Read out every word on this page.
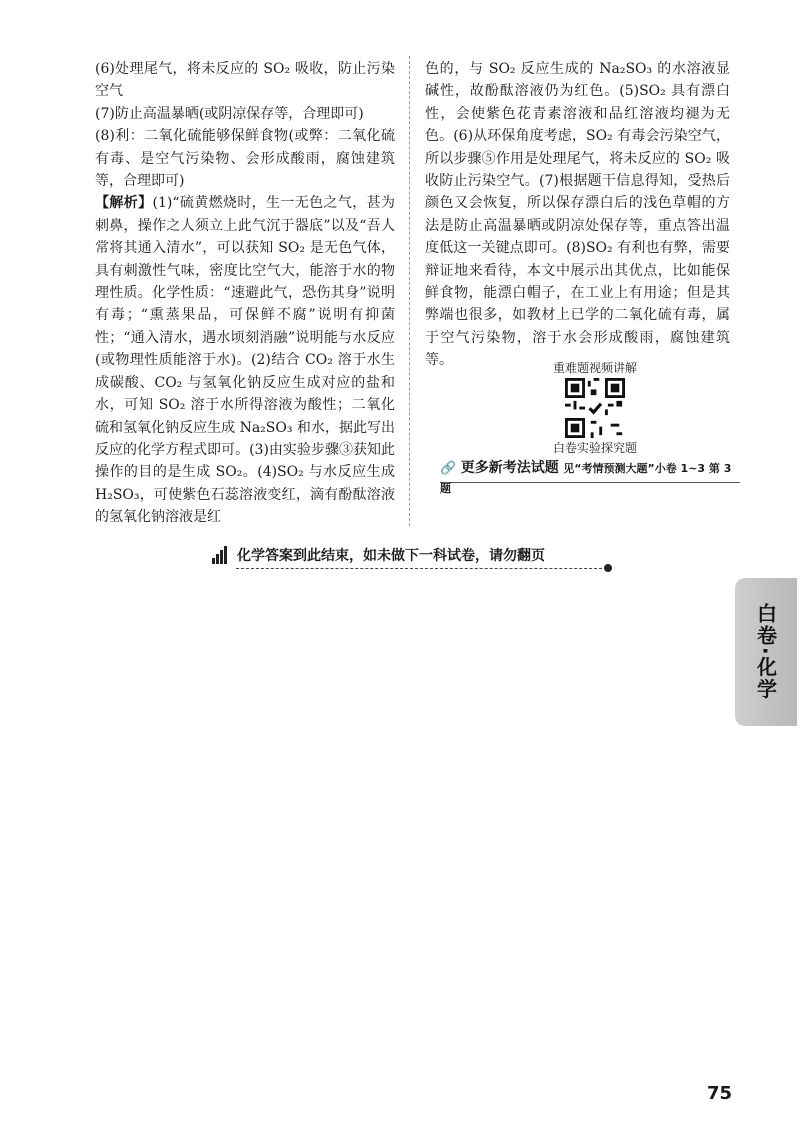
(6)处理尾气，将未反应的 SO₂ 吸收，防止污染空气

(7)防止高温暴晒(或阴凉保存等，合理即可)

(8)利：二氧化硫能够保鲜食物(或弊：二氧化硫有毒、是空气污染物、会形成酸雨，腐蚀建筑等，合理即可)

【解析】(1)“硫黄燃烧时，生一无色之气，甚为刺鼻，操作之人须立上此气沉于器底”以及“吾人常将其通入清水”，可以获知 SO₂ 是无色气体，具有刺激性气味，密度比空气大，能溶于水的物理性质。化学性质：“速避此气，恐伤其身”说明有毒；“熏蒸果品，可保鲜不腐”说明有抑菌性；“通入清水，遇水顷刻消融”说明能与水反应(或物理性质能溶于水)。(2)结合 CO₂ 溶于水生成碳酸、CO₂ 与氢氧化钠反应生成对应的盐和水，可知 SO₂ 溶于水所得溶液为酸性；二氧化硫和氢氧化钠反应生成 Na₂SO₃ 和水，据此写出反应的化学方程式即可。(3)由实验步骤③获知此操作的目的是生成 SO₂。(4)SO₂ 与水反应生成 H₂SO₃，可使紫色石蕊溶液变红，滴有酚酞溶液的氢氧化钠溶液是红

色的，与 SO₂ 反应生成的 Na₂SO₃ 的水溶液显碱性，故酚酞溶液仍为红色。(5)SO₂ 具有漂白性，会使紫色花青素溶液和品红溶液均褪为无色。(6)从环保角度考虑，SO₂ 有毒会污染空气，所以步骤⑤作用是处理尾气，将未反应的 SO₂ 吸收防止污染空气。(7)根据题干信息得知，受热后颜色又会恢复，所以保存漂白后的浅色草帽的方法是防止高温暴晒或阴凉处保存等，重点答出温度低这一关键点即可。(8)SO₂ 有利也有弊，需要辩证地来看待，本文中展示出其优点，比如能保鲜食物，能漂白帽子，在工业上有用途；但是其弊端也很多，如教材上已学的二氧化硫有毒，属于空气污染物，溶于水会形成酸雨，腐蚀建筑等。	重难题视频讲解
白卷实验探究题
🔗 更多新考法试题 见“考情预测大题”小卷 1~3 第 3 题
化学答案到此结束，如未做下一科试卷，请勿翻页
白卷·化学
75
